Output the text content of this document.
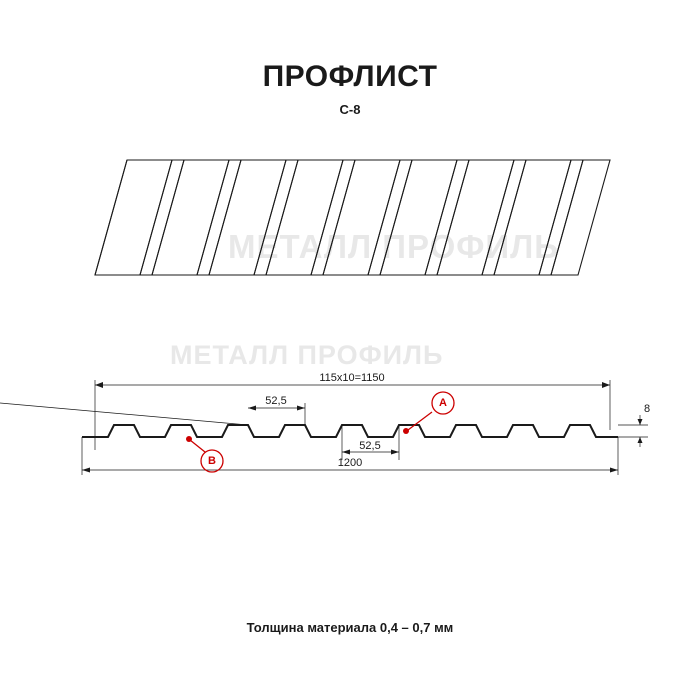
ПРОФЛИСТ
С-8
МЕТАЛЛ ПРОФИЛЬ
МЕТАЛЛ ПРОФИЛЬ
115x10=1150
52,5
52,5
1200
8
A
B
Толщина материала 0,4 – 0,7 мм
